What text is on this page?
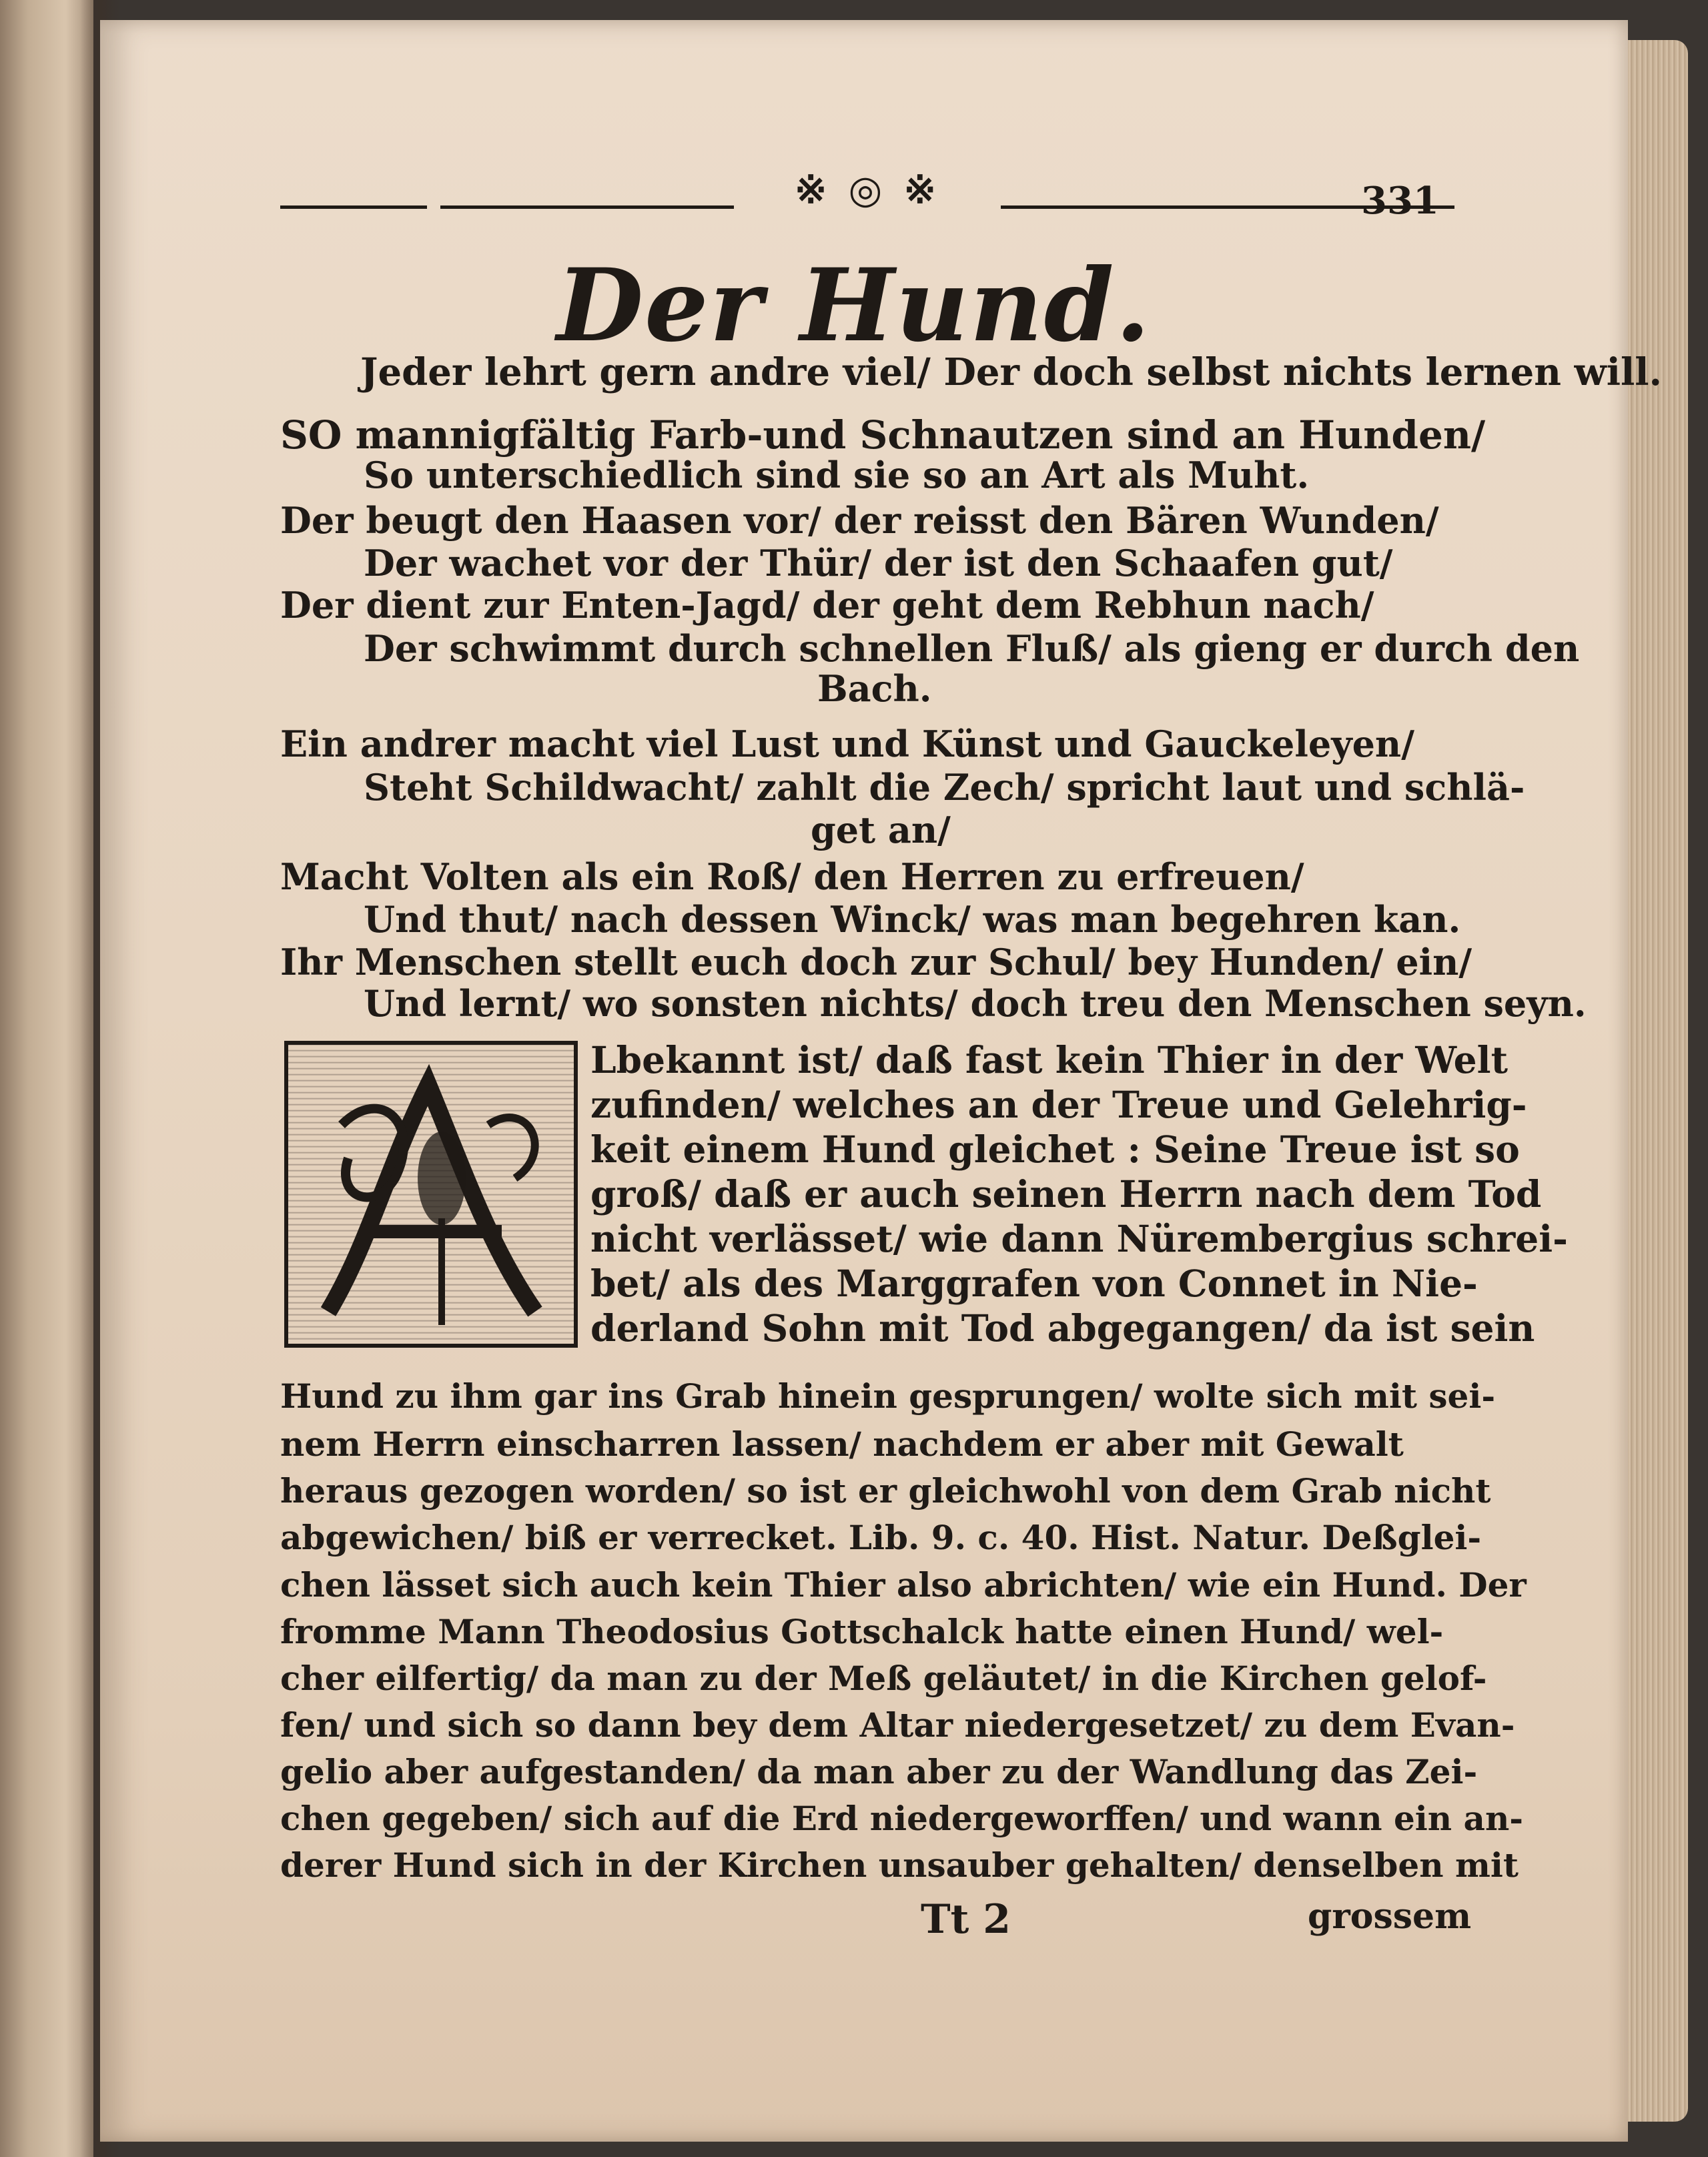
※ ◎ ※	331
Der Hund.
Jeder lehrt gern andre viel/ Der doch selbst nichts lernen will.
SO mannigfältig Farb-und Schnautzen sind an Hunden/
So unterschiedlich sind sie so an Art als Muht.
Der beugt den Haasen vor/ der reisst den Bären Wunden/
Der wachet vor der Thür/ der ist den Schaafen gut/
Der dient zur Enten-Jagd/ der geht dem Rebhun nach/
Der schwimmt durch schnellen Fluß/ als gieng er durch den
Bach.
Ein andrer macht viel Lust und Künst und Gauckeleyen/
Steht Schildwacht/ zahlt die Zech/ spricht laut und schlä-
get an/
Macht Volten als ein Roß/ den Herren zu erfreuen/
Und thut/ nach dessen Winck/ was man begehren kan.
Ihr Menschen stellt euch doch zur Schul/ bey Hunden/ ein/
Und lernt/ wo sonsten nichts/ doch treu den Menschen seyn.
Lbekannt ist/ daß fast kein Thier in der Welt
zufinden/ welches an der Treue und Gelehrig-
keit einem Hund gleichet : Seine Treue ist so
groß/ daß er auch seinen Herrn nach dem Tod
nicht verlässet/ wie dann Nürembergius schrei-
bet/ als des Marggrafen von Connet in Nie-
derland Sohn mit Tod abgegangen/ da ist sein
Hund zu ihm gar ins Grab hinein gesprungen/ wolte sich mit sei-
nem Herrn einscharren lassen/ nachdem er aber mit Gewalt
heraus gezogen worden/ so ist er gleichwohl von dem Grab nicht
abgewichen/ biß er verrecket. Lib. 9. c. 40. Hist. Natur. Deßglei-
chen lässet sich auch kein Thier also abrichten/ wie ein Hund. Der
fromme Mann Theodosius Gottschalck hatte einen Hund/ wel-
cher eilfertig/ da man zu der Meß geläutet/ in die Kirchen gelof-
fen/ und sich so dann bey dem Altar niedergesetzet/ zu dem Evan-
gelio aber aufgestanden/ da man aber zu der Wandlung das Zei-
chen gegeben/ sich auf die Erd niedergeworffen/ und wann ein an-
derer Hund sich in der Kirchen unsauber gehalten/ denselben mit
Tt 2	grossem
